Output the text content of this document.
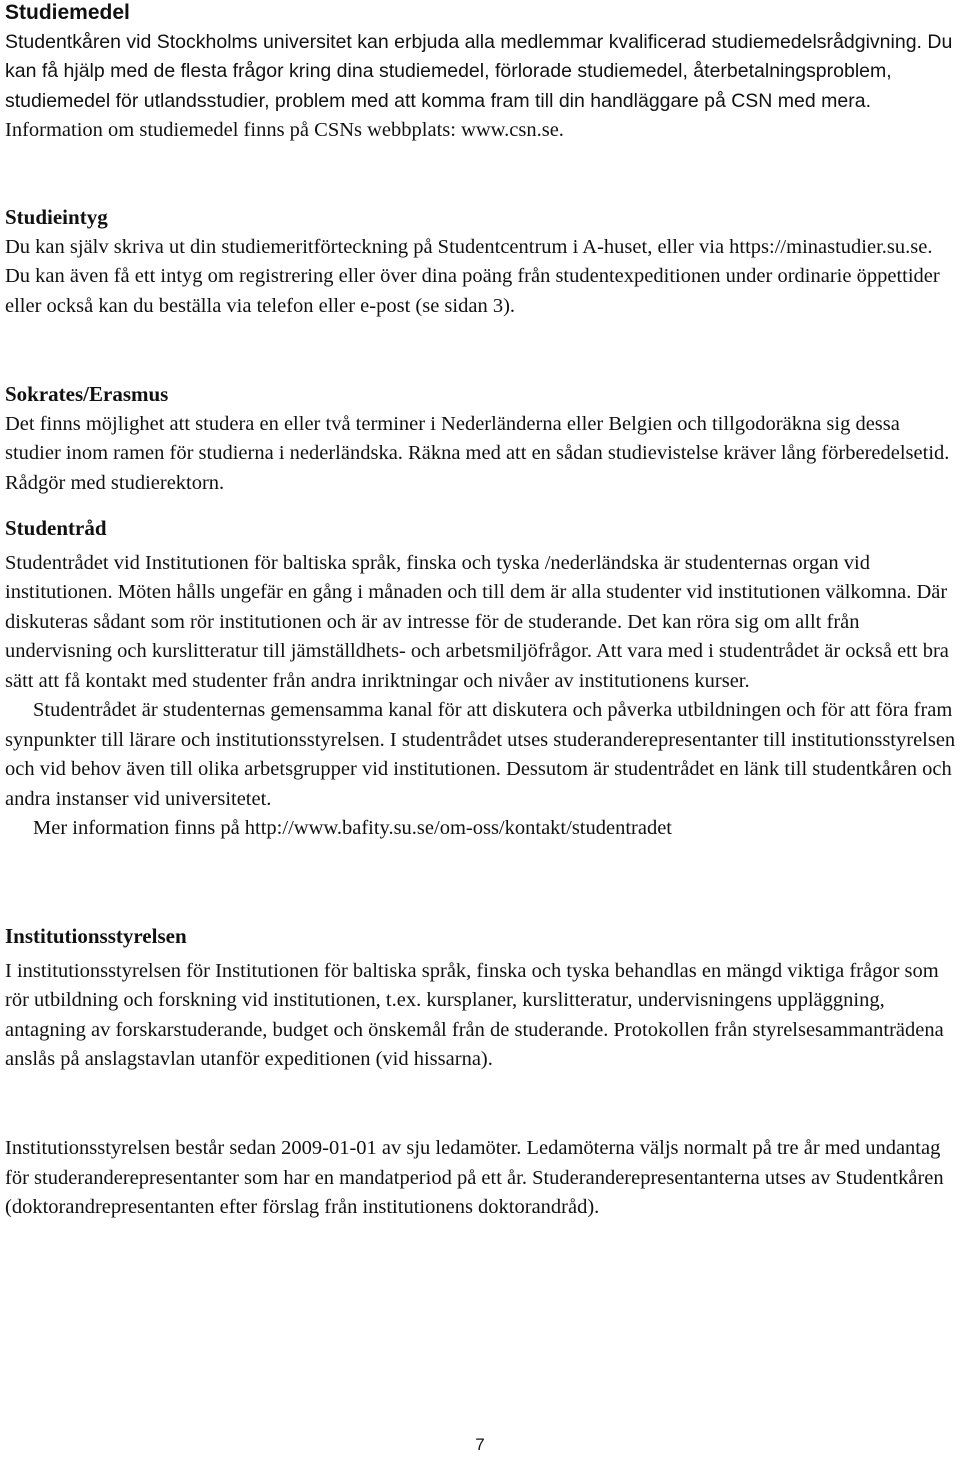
Studiemedel

Studentkåren vid Stockholms universitet kan erbjuda alla medlemmar kvalificerad studiemedelsrådgivning. Du kan få hjälp med de flesta frågor kring dina studiemedel, förlorade studiemedel, återbetalningsproblem, studiemedel för utlandsstudier, problem med att komma fram till din handläggare på CSN med mera. Information om studiemedel finns på CSNs webbplats: www.csn.se.

Studieintyg

Du kan själv skriva ut din studiemeritförteckning på Studentcentrum i A-huset, eller via https://minastudier.su.se.

Du kan även få ett intyg om registrering eller över dina poäng från studentexpeditionen under ordinarie öppettider eller också kan du beställa via telefon eller e-post (se sidan 3).

Sokrates/Erasmus

Det finns möjlighet att studera en eller två terminer i Nederländerna eller Belgien och tillgodoräkna sig dessa studier inom ramen för studierna i nederländska. Räkna med att en sådan studievistelse kräver lång förberedelsetid. Rådgör med studierektorn.

Studentråd

Studentrådet vid Institutionen för baltiska språk, finska och tyska /nederländska är studenternas organ vid institutionen. Möten hålls ungefär en gång i månaden och till dem är alla studenter vid institutionen välkomna. Där diskuteras sådant som rör institutionen och är av intresse för de studerande. Det kan röra sig om allt från undervisning och kurslitteratur till jämställdhets- och arbetsmiljöfrågor. Att vara med i studentrådet är också ett bra sätt att få kontakt med studenter från andra inriktningar och nivåer av institutionens kurser.

Studentrådet är studenternas gemensamma kanal för att diskutera och påverka utbildningen och för att föra fram synpunkter till lärare och institutionsstyrelsen. I studentrådet utses studeranderepresentanter till institutionsstyrelsen och vid behov även till olika arbetsgrupper vid institutionen. Dessutom är studentrådet en länk till studentkåren och andra instanser vid universitetet.

Mer information finns på http://www.bafity.su.se/om-oss/kontakt/studentradet

Institutionsstyrelsen

I institutionsstyrelsen för Institutionen för baltiska språk, finska och tyska behandlas en mängd viktiga frågor som rör utbildning och forskning vid institutionen, t.ex. kursplaner, kurslitteratur, undervisningens uppläggning, antagning av forskarstuderande, budget och önskemål från de studerande. Protokollen från styrelsesammanträdena anslås på anslagstavlan utanför expeditionen (vid hissarna).

Institutionsstyrelsen består sedan 2009-01-01 av sju ledamöter. Ledamöterna väljs normalt på tre år med undantag för studeranderepresentanter som har en mandatperiod på ett år. Studeranderepresentanterna utses av Studentkåren (doktorandrepresentanten efter förslag från institutionens doktorandråd).

7
